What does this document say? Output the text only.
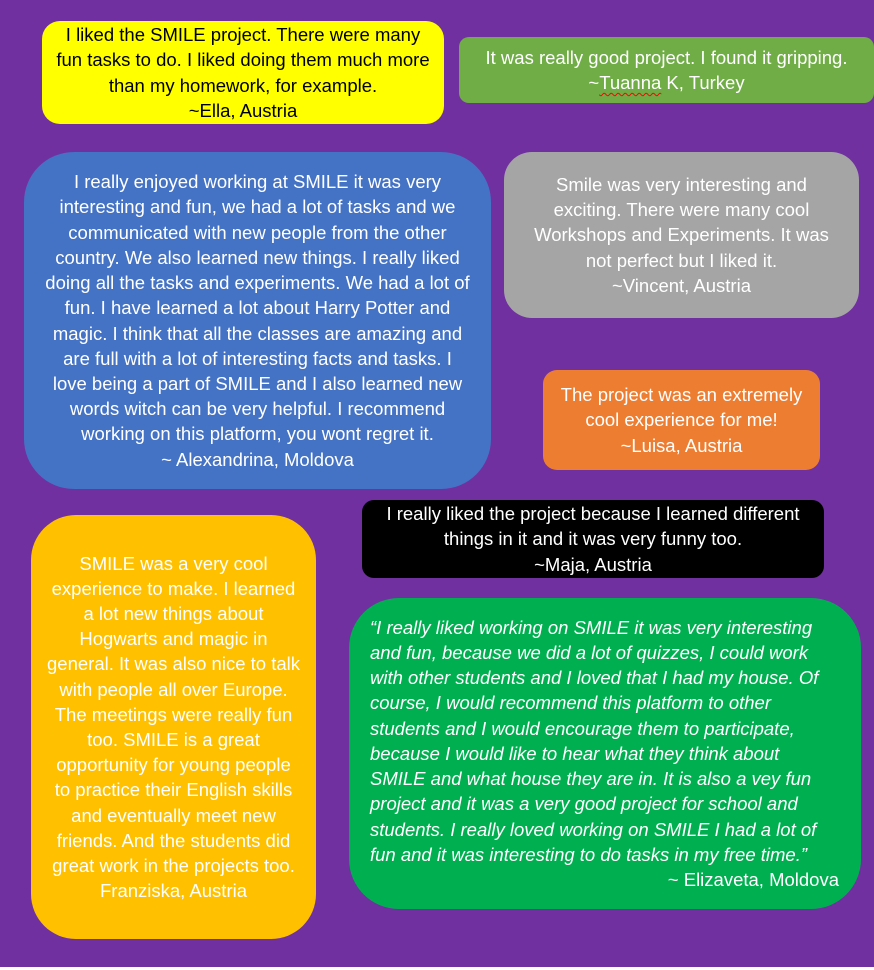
I liked the SMILE project. There were many fun tasks to do. I liked doing them much more than my homework, for example.

~Ella, Austria

It was really good project. I found it gripping.

~Tuanna K, Turkey

I really enjoyed working at SMILE it was very interesting and fun, we had a lot of tasks and we communicated with new people from the other country. We also learned new things. I really liked doing all the tasks and experiments. We had a lot of fun. I have learned a lot about Harry Potter and magic. I think that all the classes are amazing and are full with a lot of interesting facts and tasks. I love being a part of SMILE and I also learned new words witch can be very helpful. I recommend working on this platform, you wont regret it.

~ Alexandrina, Moldova

Smile was very interesting and exciting. There were many cool Workshops and Experiments. It was not perfect but I liked it.

~Vincent, Austria

The project was an extremely cool experience for me!

~Luisa, Austria

SMILE was a very cool experience to make. I learned a lot new things about Hogwarts and magic in general. It was also nice to talk with people all over Europe. The meetings were really fun too. SMILE is a great opportunity for young people to practice their English skills and eventually meet new friends. And the students did great work in the projects too.

Franziska, Austria

I really liked the project because I learned different things in it and it was very funny too.

~Maja, Austria

“I really liked working on SMILE it was very interesting and fun, because we did a lot of quizzes, I could work with other students and I loved that I had my house. Of course, I would recommend this platform to other students and I would encourage them to participate, because I would like to hear what they think about SMILE and what house they are in. It is also a vey fun project and it was a very good project for school and students. I really loved working on SMILE I had a lot of fun and it was interesting to do tasks in my free time.”

~ Elizaveta, Moldova
